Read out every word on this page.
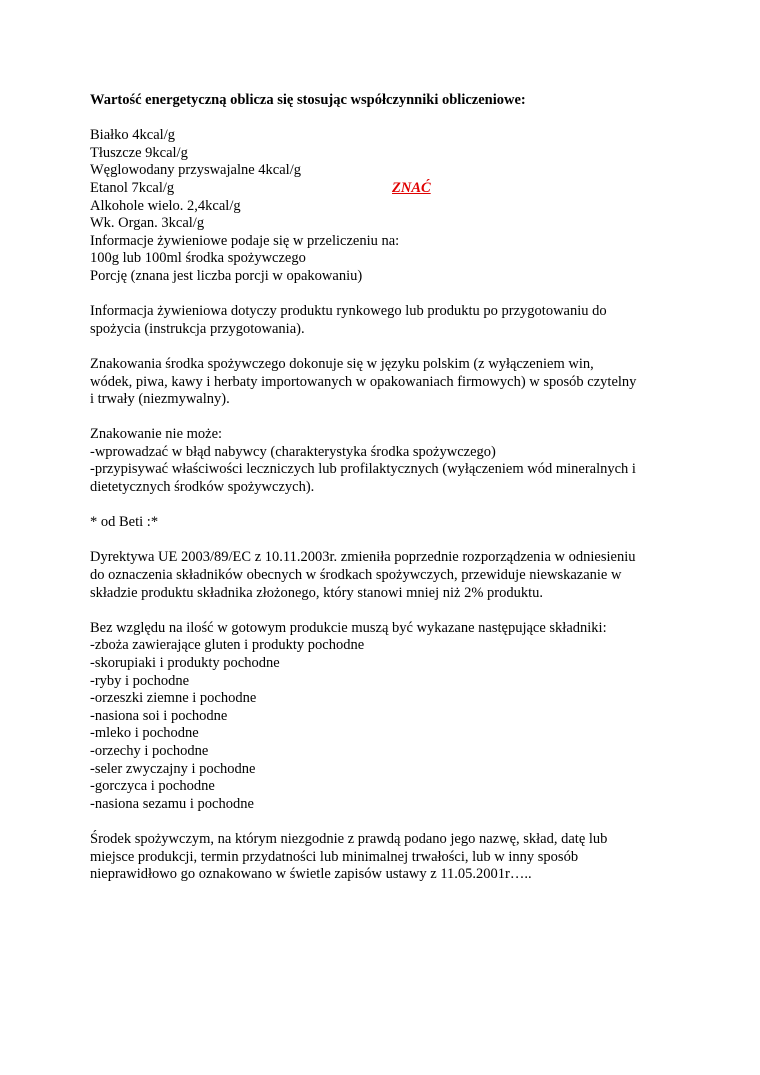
Wartość energetyczną oblicza się stosując współczynniki obliczeniowe:
Białko 4kcal/g
Tłuszcze 9kcal/g
Węglowodany przyswajalne 4kcal/g
Etanol 7kcal/g	ZNAĆ
Alkohole wielo. 2,4kcal/g
Wk. Organ. 3kcal/g
Informacje żywieniowe podaje się w przeliczeniu na:
100g lub 100ml środka spożywczego
Porcję (znana jest liczba porcji w opakowaniu)
Informacja żywieniowa dotyczy produktu rynkowego lub produktu po przygotowaniu do
spożycia (instrukcja przygotowania).
Znakowania środka spożywczego dokonuje się w języku polskim (z wyłączeniem win,
wódek, piwa, kawy i herbaty importowanych w opakowaniach firmowych) w sposób czytelny
i trwały (niezmywalny).
Znakowanie nie może:
-wprowadzać w błąd nabywcy (charakterystyka środka spożywczego)
-przypisywać właściwości leczniczych lub profilaktycznych (wyłączeniem wód mineralnych i
dietetycznych środków spożywczych).
* od Beti :*
Dyrektywa UE 2003/89/EC z 10.11.2003r. zmieniła poprzednie rozporządzenia w odniesieniu
do oznaczenia składników obecnych w środkach spożywczych, przewiduje niewskazanie w
składzie produktu składnika złożonego, który stanowi mniej niż 2% produktu.
Bez względu na ilość w gotowym produkcie muszą być wykazane następujące składniki:
-zboża zawierające gluten i produkty pochodne
-skorupiaki i produkty pochodne
-ryby i pochodne
-orzeszki ziemne i pochodne
-nasiona soi i pochodne
-mleko i pochodne
-orzechy i pochodne
-seler zwyczajny i pochodne
-gorczyca i pochodne
-nasiona sezamu i pochodne
Środek spożywczym, na którym niezgodnie z prawdą podano jego nazwę, skład, datę lub
miejsce produkcji, termin przydatności lub minimalnej trwałości, lub w inny sposób
nieprawidłowo go oznakowano w świetle zapisów ustawy z 11.05.2001r…..
